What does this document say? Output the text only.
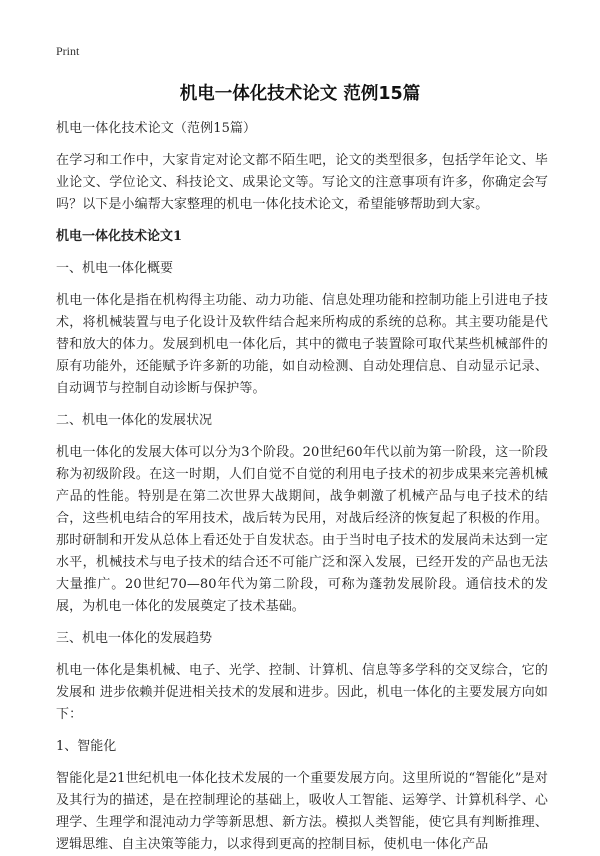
Print
机电一体化技术论文 范例15篇

机电一体化技术论文（范例15篇）

在学习和工作中，大家肯定对论文都不陌生吧，论文的类型很多，包括学年论文、毕业论文、学位论文、科技论文、成果论文等。写论文的注意事项有许多，你确定会写吗？以下是小编帮大家整理的机电一体化技术论文，希望能够帮助到大家。

机电一体化技术论文1

一、机电一体化概要

机电一体化是指在机构得主功能、动力功能、信息处理功能和控制功能上引进电子技术，将机械装置与电子化设计及软件结合起来所构成的系统的总称。其主要功能是代替和放大的体力。发展到机电一体化后，其中的微电子装置除可取代某些机械部件的原有功能外，还能赋予许多新的功能，如自动检测、自动处理信息、自动显示记录、自动调节与控制自动诊断与保护等。

二、机电一体化的发展状况

机电一体化的发展大体可以分为3个阶段。20世纪60年代以前为第一阶段，这一阶段称为初级阶段。在这一时期，人们自觉不自觉的利用电子技术的初步成果来完善机械产品的性能。特别是在第二次世界大战期间，战争刺激了机械产品与电子技术的结合，这些机电结合的军用技术，战后转为民用，对战后经济的恢复起了积极的作用。那时研制和开发从总体上看还处于自发状态。由于当时电子技术的发展尚未达到一定水平，机械技术与电子技术的结合还不可能广泛和深入发展，已经开发的产品也无法大量推广。20世纪70—80年代为第二阶段，可称为蓬勃发展阶段。通信技术的发展，为机电一体化的发展奠定了技术基础。

三、机电一体化的发展趋势

机电一体化是集机械、电子、光学、控制、计算机、信息等多学科的交叉综合，它的发展和 进步依赖并促进相关技术的发展和进步。因此，机电一体化的主要发展方向如下：

1、智能化

智能化是21世纪机电一体化技术发展的一个重要发展方向。这里所说的“智能化”是对及其行为的描述，是在控制理论的基础上，吸收人工智能、运筹学、计算机科学、心理学、生理学和混沌动力学等新思想、新方法。模拟人类智能，使它具有判断推理、逻辑思维、自主决策等能力，以求得到更高的控制目标，使机电一体化产品
